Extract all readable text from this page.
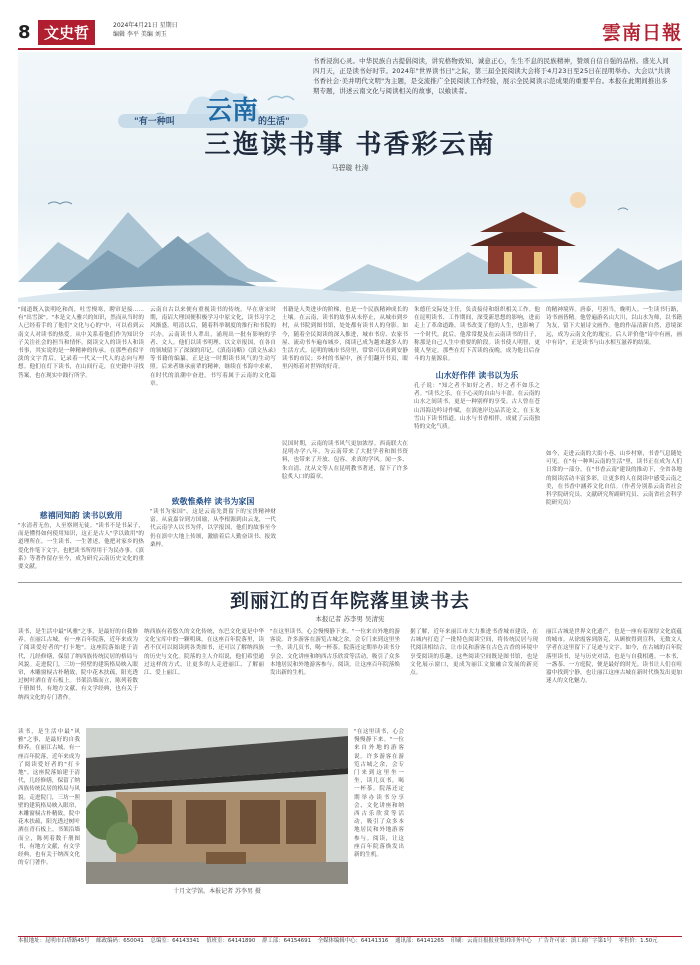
8 文史哲	2024年4月21日 星期日
编辑 李平 美编 刘玉	雲南日報
"有一种叫 云南 的生活"
书香浸润心灵。中华民族自古提倡阅读，讲究格物致知、诚意正心，生生不息的民族精神，赞颂自信自强的品格。盛光人间四月天，正是读书好时节。2024年"世界读书日"之际，第三届全民阅读大会将于4月23日至25日在昆明举办。大会以"共读书香社会·美并明代文明"为主题，是交流推广全民阅读工作经验，展示全民阅读示范成果的重要平台。本报在此期间推出多期专题，讲述云南文化与阅读相关的故事，以飨读者。
三迤读书事 书香彩云南
马碧璇 杜涛
"闻道既入淡明吃和尚，吐雪慢寒，聘帘是接……有"出雪深"。"本是文人雅兴的知识，然而从当时的人已经着手的了他们"文化与心的"中，可以看到云南文人对读书的热爱。从中关系着他们作为知识分子关注社会的担当和情怀。阅读文人的读书人和读书事，其实说的是一种精神的传承。在那些看似平淡的文字背后，记录着一代又一代人的志向与理想。他们在灯下读书，在山间行走，在史籍中寻找答案，也在现实中践行所学。
慈禧同知韵 读书以致用
"水清者无鱼，人至察则无徒。"读书不是书呆子，而是懂得如何使用知识，这正是古人"学以致用"的道理所在。一生读书、一生著述，他把对家乡的热爱化作笔下文字，也把读书所得用于为民办事。《滇系》等著作留存至今，成为研究云南历史文化的重要文献。
云南自古以来便有重视读书的传统。早在唐宋时期，南诏大理国便积极学习中原文化，读书习字之风渐盛。明清以后，随着科举制度的推行和书院的兴办，云南读书人辈出，涌现出一批有影响的学者、文人。他们以读书明理、以文章报国，在各自的领域留下了深深的印记。《滇南诗略》《滇文丛录》等书籍的编纂，正是这一时期读书风气的生动写照。后来者继承前辈的精神，继续在书海中求索，在时代的浪潮中奋进，书写着属于云南的文化篇章。
致敬惟桑梓 读书为家国
"读书为家国"，这是云南先贤留下的宝贵精神财富。从袁嘉谷到方国瑜，从李根源到由云龙，一代代云南学人以书为伴，以学报国，他们的故事至今仍在滇中大地上传颂，激励着后人勤奋读书、报效桑梓。
书籍是人类进步的阶梯，也是一个民族精神成长的土壤。在云南，读书的故事从未停止，从城市到乡村，从书院到图书馆，处处都有读书人的身影。如今，随着全民阅读的深入推进，城市书房、农家书屋、流动书车遍布城乡，阅读已成为越来越多人的生活方式。昆明的城市书房里，常常可以看到安静读书的市民；乡村的书屋中，孩子们翻开书页，眼里闪烁着对世界的好奇。
民国时期，云南的读书风气更加浓厚。西南联大在昆明办学八年，为云南带来了大批学者和图书资料，也带来了开放、包容、求真的学风。闻一多、朱自清、沈从文等人在昆明教书著述，留下了许多脍炙人口的篇章。
朱德任交际处主任，负责接待和组织相关工作。他在昆明读书、工作期间，深受新思想的影响，进而走上了革命道路。读书改变了他的人生，也影响了一个时代。此后，他常常提及在云南读书的日子，称那是自己人生中重要的阶段。读书使人明智，更使人坚定。那些在灯下苦读的夜晚，成为他日后奋斗的力量源泉。
山水好作伴 读书以为乐
孔子说："知之者不如好之者，好之者不如乐之者。"读书之乐，在于心灵的自由与丰盈。在云南的山水之间读书，更是一种别样的享受。古人曾在苍山洱海边吟诗作赋，在滇池岸边品茗论文，在玉龙雪山下读书悟道。山水与书香相伴，成就了云南独特的文化气质。
的精神境界。唐泰，号担当，晚明人。一生读书行路，诗书画皆精。他曾遍游名山大川，以山水为师，以书籍为友，留下大量诗文画作。他的作品清新自然，意境深远，成为云南文化的瑰宝。后人评价他"诗中有画，画中有诗"，正是读书与山水相互滋养的结果。
如今，走进云南的大街小巷、山乡村寨，书香气息随处可见。在"有一种叫云南的生活"里，读书正在成为人们日常的一部分。在"书香云南"建设的推动下，全省各地的阅读活动丰富多彩，让更多的人在阅读中感受云南之美，在书香中涵养文化自信。（作者分别系云南省社会科学院研究员、文献研究所副研究员、云南省社会科学院研究员）
到丽江的百年院落里读书去
本报记者 苏李男 吴清宪
读书，是生活中最"风雅"之事，是最好的自我修养。在丽江古城，有一座百年院落，近年来成为了阅读爱好者的"打卡地"。这座院落始建于清代，几经修缮，保留了纳西族传统民居的格局与风貌。走进院门，三坊一照壁的建筑格局映入眼帘，木雕窗棂古朴精致，院中花木扶疏，阳光透过树叶洒在青石板上。书架沿墙而立，陈列着数千册图书，有地方文献，有文学经典，也有关于纳西文化的专门著作。
纳西族有着悠久的文化传统，东巴文化更是中华文化宝库中的一颗明珠。在这座百年院落里，读者不仅可以阅读到各类图书，还可以了解纳西族的历史与文化。院落的主人介绍说，他们希望通过这样的方式，让更多的人走进丽江、了解丽江、爱上丽江。
"在这里读书，心会慢慢静下来。"一位来自外地的游客说。许多游客在游览古城之余，会专门来到这里坐一坐，读几页书，喝一杯茶。院落还定期举办读书分享会、文化讲座和纳西古乐欣赏等活动，吸引了众多本地居民和外地游客参与。阅读，让这座百年院落焕发出新的生机。
据了解，近年来丽江市大力推进书香城市建设，在古城内打造了一批特色阅读空间，将传统民居与现代阅读相结合，让市民和游客在古色古香的环境中享受阅读的乐趣。这些阅读空间既是图书馆，也是文化展示窗口，更成为丽江文旅融合发展的新亮点。
丽江古城是世界文化遗产，也是一座有着深厚文化底蕴的城市。从徐霞客到洛克，从顾彼得到宣科，无数文人学者在这里留下了足迹与文字。如今，在古城的百年院落里读书，是与历史对话，也是与自我相遇。一本书、一盏茶、一方庭院，便是最好的时光。读书让人们在喧嚣中找到宁静，也让丽江这座古城在新时代焕发出更加迷人的文化魅力。
读书，是生活中最"风雅"之事，是最好的自我修养。在丽江古城，有一座百年院落，近年来成为了阅读爱好者的"打卡地"。这座院落始建于清代，几经修缮，保留了纳西族传统民居的格局与风貌。走进院门，三坊一照壁的建筑格局映入眼帘，木雕窗棂古朴精致，院中花木扶疏，阳光透过树叶洒在青石板上。书架沿墙而立，陈列着数千册图书，有地方文献，有文学经典，也有关于纳西文化的专门著作。
"在这里读书，心会慢慢静下来。"一位来自外地的游客说。许多游客在游览古城之余，会专门来到这里坐一坐，读几页书，喝一杯茶。院落还定期举办读书分享会、文化讲座和纳西古乐欣赏等活动，吸引了众多本地居民和外地游客参与。阅读，让这座百年院落焕发出新的生机。
十月文学馆。本报记者 苏李男 摄
本报地址：昆明市白塔路45号 邮政编码：650041 总编室：64143341 值班室：64141890 群工部：64154691 全媒体编辑中心：64141316 通讯部：64141265 印刷：云南日报报业集团印务中心 广告许可证：滇工商广字第1号 零售价：1.50元
